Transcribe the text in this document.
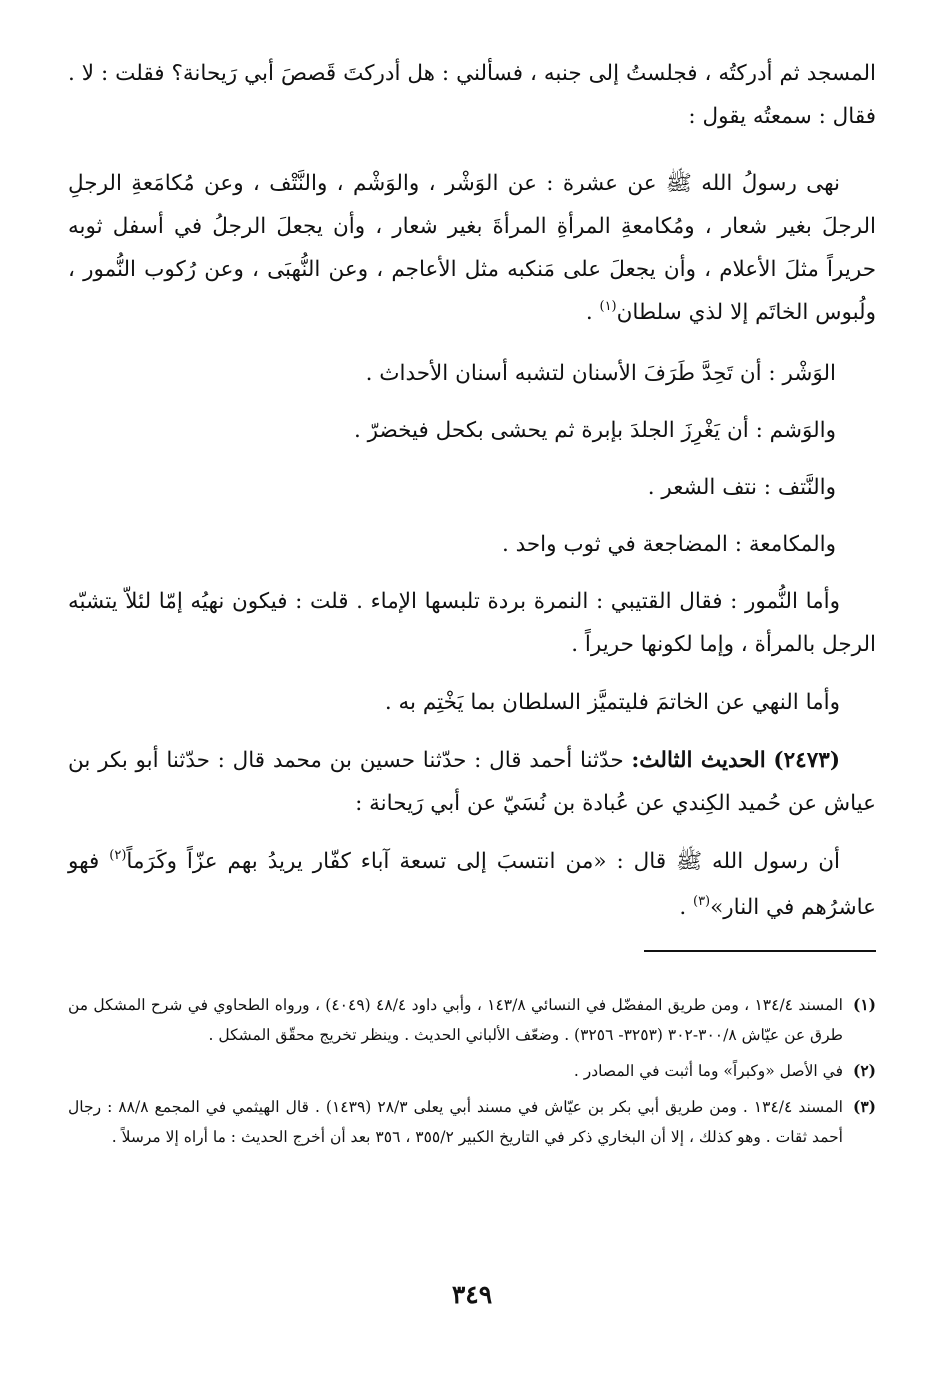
المسجد ثم أدركتُه ، فجلستُ إلى جنبه ، فسألني : هل أدركتَ قَصصَ أبي رَيحانة؟ فقلت : لا . فقال : سمعتُه يقول :

نهى رسولُ الله ﷺ عن عشرة : عن الوَشْر ، والوَشْم ، والنَّتْف ، وعن مُكامَعةِ الرجلِ الرجلَ بغير شعار ، ومُكامعةِ المرأةِ المرأةَ بغير شعار ، وأن يجعلَ الرجلُ في أسفل ثوبه حريراً مثلَ الأعلام ، وأن يجعلَ على مَنكبه مثل الأعاجم ، وعن النُّهبَى ، وعن رُكوب النُّمور ، ولُبوس الخاتَم إلا لذي سلطان$^{(١)}$ .

الوَشْر : أن تَحِدَّ طَرَفَ الأسنان لتشبه أسنان الأحداث .

والوَشم : أن يَغْرِزَ الجلدَ بإبرة ثم يحشى بكحل فيخضرّ .

والنَّتف : نتف الشعر .

والمكامعة : المضاجعة في ثوب واحد .

وأما النُّمور : فقال القتيبي : النمرة بردة تلبسها الإماء . قلت : فيكون نهيُه إمّا لئلاّ يتشبّه الرجل بالمرأة ، وإما لكونها حريراً .

وأما النهي عن الخاتمَ فليتميَّز السلطان بما يَخْتِم به .

(٢٤٧٣) الحديث الثالث: حدّثنا أحمد قال : حدّثنا حسين بن محمد قال : حدّثنا أبو بكر بن عياش عن حُميد الكِندي عن عُبادة بن نُسَيّ عن أبي رَيحانة :

أن رسول الله ﷺ قال : «من انتسبَ إلى تسعة آباء كفّار يريدُ بهم عزّاً وكَرَماً$^{(٢)}$ فهو عاشرُهم في النار»$^{(٣)}$ .

(١)
المسند ١٣٤/٤ ، ومن طريق المفضّل في النسائي ١٤٣/٨ ، وأبي داود ٤٨/٤ (٤٠٤٩) ، ورواه الطحاوي في شرح المشكل من طرق عن عيّاش ٣٠٠/٨-٣٠٢ (٣٢٥٣- ٣٢٥٦) . وضعّف الألباني الحديث . وينظر تخريج محقّق المشكل .
(٢)
في الأصل «وكبراً» وما أثبت في المصادر .
(٣)
المسند ١٣٤/٤ . ومن طريق أبي بكر بن عيّاش في مسند أبي يعلى ٢٨/٣ (١٤٣٩) . قال الهيثمي في المجمع ٨٨/٨ : رجال أحمد ثقات . وهو كذلك ، إلا أن البخاري ذكر في التاريخ الكبير ٣٥٥/٢ ، ٣٥٦ بعد أن أخرج الحديث : ما أراه إلا مرسلاً .
٣٤٩
